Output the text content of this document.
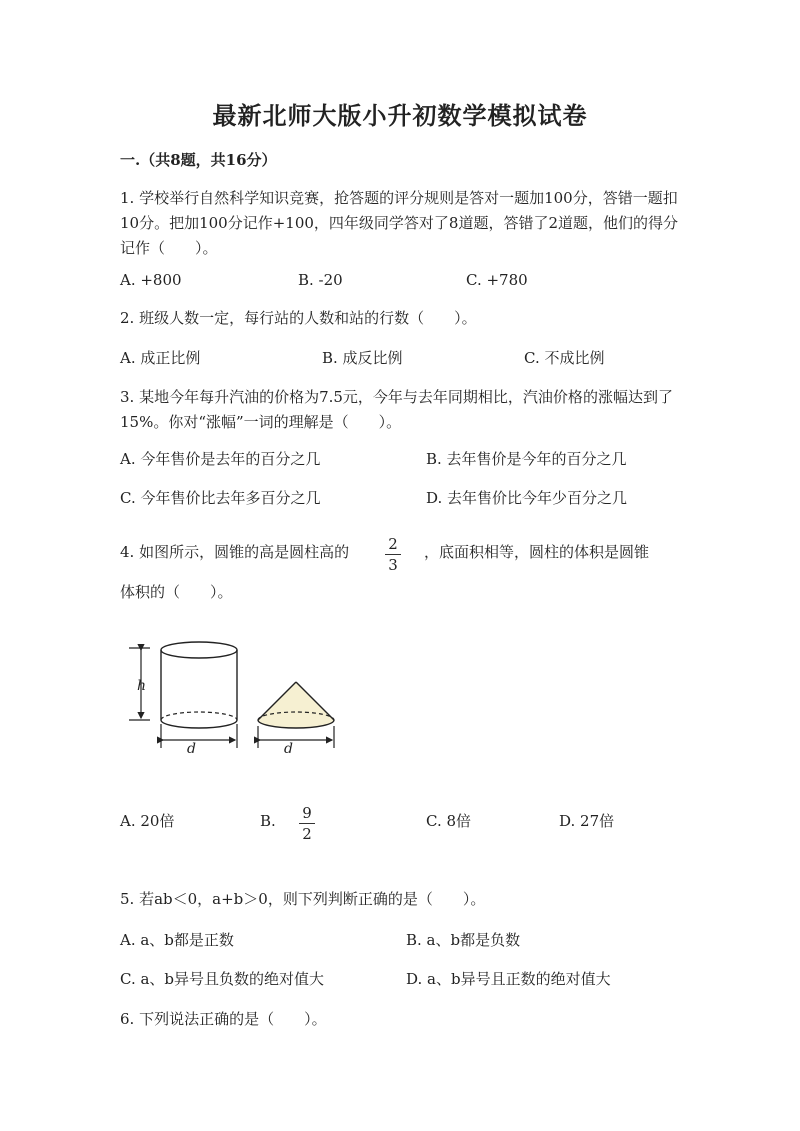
最新北师大版小升初数学模拟试卷
一.（共8题，共16分）
1. 学校举行自然科学知识竞赛，抢答题的评分规则是答对一题加100分，答错一题扣10分。把加100分记作+100，四年级同学答对了8道题，答错了2道题，他们的得分记作（　　）。
A. +800	B. -20	C. +780
2. 班级人数一定，每行站的人数和站的行数（　　）。
A. 成正比例	B. 成反比例	C. 不成比例
3. 某地今年每升汽油的价格为7.5元，今年与去年同期相比，汽油价格的涨幅达到了15%。你对“涨幅”一词的理解是（　　）。
A. 今年售价是去年的百分之几	B. 去年售价是今年的百分之几
C. 今年售价比去年多百分之几	D. 去年售价比今年少百分之几
4. 如图所示，圆锥的高是圆柱高的	2
3
，底面积相等，圆柱的体积是圆锥
体积的（　　）。
h
d	d
A. 20倍	B.	9
2
C. 8倍	D. 27倍
5. 若ab＜0，a+b＞0，则下列判断正确的是（　　）。
A. a、b都是正数	B. a、b都是负数
C. a、b异号且负数的绝对值大	D. a、b异号且正数的绝对值大
6. 下列说法正确的是（　　）。
